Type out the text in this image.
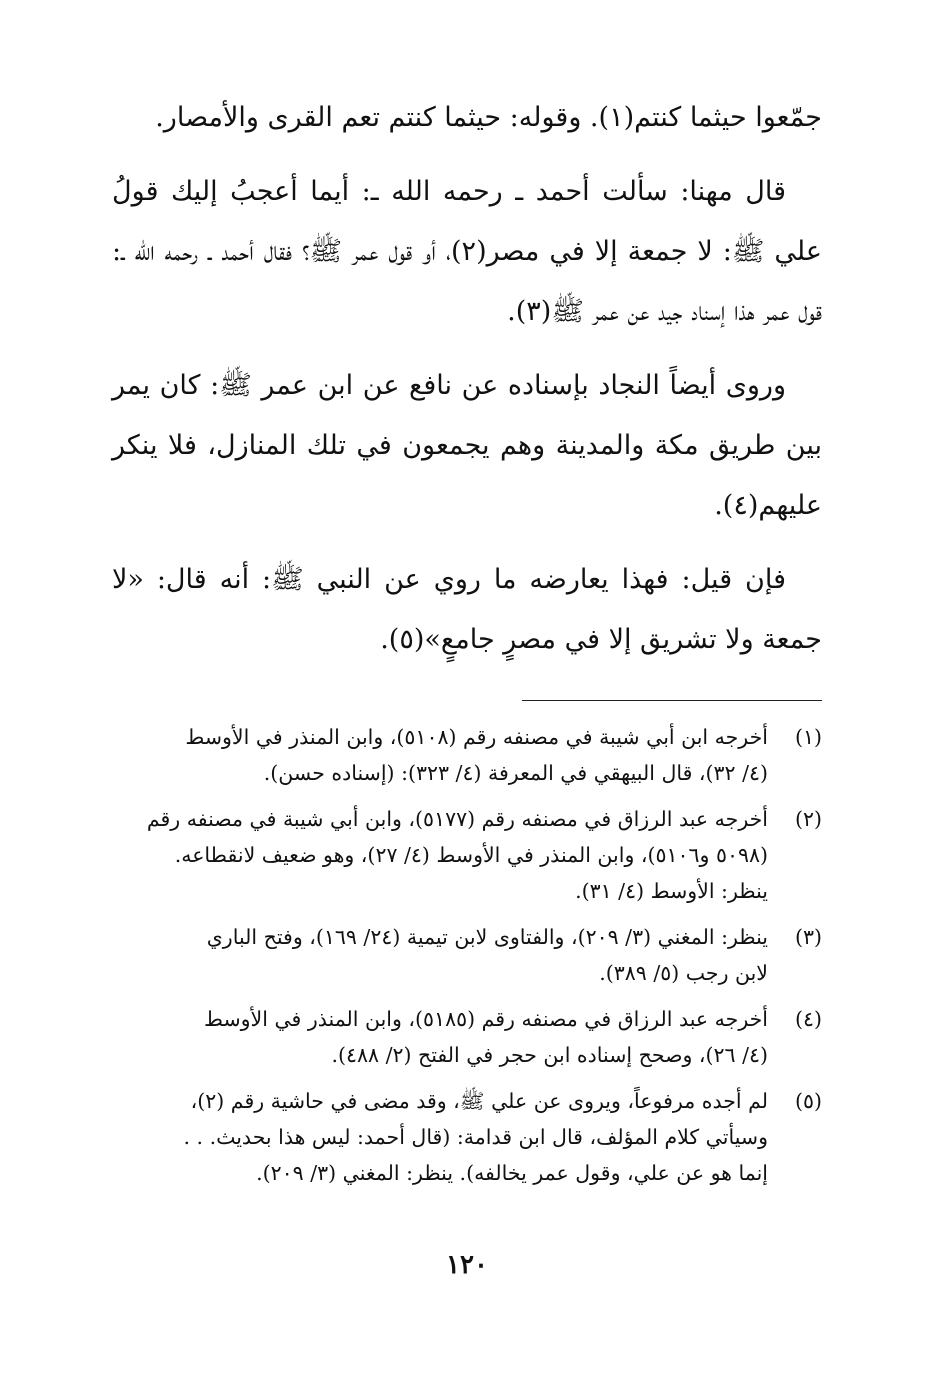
جمّعوا حيثما كنتم(١). وقوله: حيثما كنتم تعم القرى والأمصار.

قال مهنا: سألت أحمد ـ رحمه الله ـ: أيما أعجبُ إليك قولُ علي ﷺ: لا جمعة إلا في مصر(٢)، أو قول عمر ﷺ؟ فقال أحمد ـ رحمه الله ـ: قول عمر هذا إسناد جيد عن عمر ﷺ(٣).

وروى أيضاً النجاد بإسناده عن نافع عن ابن عمر ﷺ: كان يمر بين طريق مكة والمدينة وهم يجمعون في تلك المنازل، فلا ينكر عليهم(٤).

فإن قيل: فهذا يعارضه ما روي عن النبي ﷺ: أنه قال: «لا جمعة ولا تشريق إلا في مصرٍ جامعٍ»(٥).

(١)
أخرجه ابن أبي شيبة في مصنفه رقم (٥١٠٨)، وابن المنذر في الأوسط
(٤/ ٣٢)، قال البيهقي في المعرفة (٤/ ٣٢٣): (إسناده حسن).
(٢)
أخرجه عبد الرزاق في مصنفه رقم (٥١٧٧)، وابن أبي شيبة في مصنفه رقم
(٥٠٩٨ و٥١٠٦)، وابن المنذر في الأوسط (٤/ ٢٧)، وهو ضعيف لانقطاعه.
ينظر: الأوسط (٤/ ٣١).
(٣)
ينظر: المغني (٣/ ٢٠٩)، والفتاوى لابن تيمية (٢٤/ ١٦٩)، وفتح الباري
لابن رجب (٥/ ٣٨٩).
(٤)
أخرجه عبد الرزاق في مصنفه رقم (٥١٨٥)، وابن المنذر في الأوسط
(٤/ ٢٦)، وصحح إسناده ابن حجر في الفتح (٢/ ٤٨٨).
(٥)
لم أجده مرفوعاً، ويروى عن علي ﷺ، وقد مضى في حاشية رقم (٢)،
وسيأتي كلام المؤلف، قال ابن قدامة: (قال أحمد: ليس هذا بحديث. . .
إنما هو عن علي، وقول عمر يخالفه). ينظر: المغني (٣/ ٢٠٩).
١٢٠
